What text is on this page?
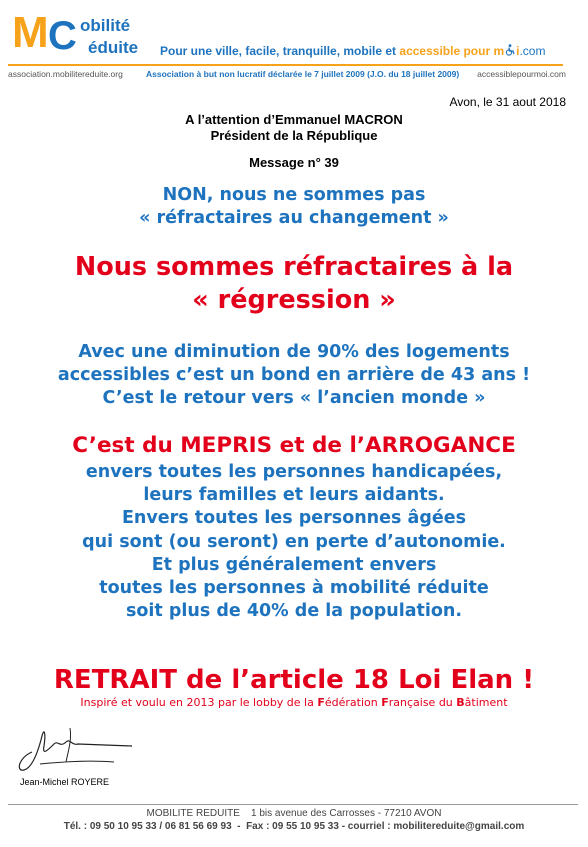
M C obilité
éduite Pour une ville, facile, tranquille, mobile et accessible pour m i.com
association.mobilitereduite.org	Association à but non lucratif déclarée le 7 juillet 2009 (J.O. du 18 juillet 2009) accessiblepourmoi.com
Avon, le 31 aout 2018
A l’attention d’Emmanuel MACRON
Président de la République
Message n° 39
NON, nous ne sommes pas
« réfractaires au changement »
Nous sommes réfractaires à la
« régression »
Avec une diminution de 90% des logements
accessibles c’est un bond en arrière de 43 ans !
C’est le retour vers « l’ancien monde »
C’est du MEPRIS et de l’ARROGANCE
envers toutes les personnes handicapées,
leurs familles et leurs aidants.
Envers toutes les personnes âgées
qui sont (ou seront) en perte d’autonomie.
Et plus généralement envers
toutes les personnes à mobilité réduite
soit plus de 40% de la population.
RETRAIT de l’article 18 Loi Elan !
Inspiré et voulu en 2013 par le lobby de la Fédération Française du Bâtiment
Jean-Michel ROYERE
MOBILITE REDUITE    1 bis avenue des Carrosses - 77210 AVON
Tél. : 09 50 10 95 33 / 06 81 56 69 93  -  Fax : 09 55 10 95 33 - courriel : mobilitereduite@gmail.com
